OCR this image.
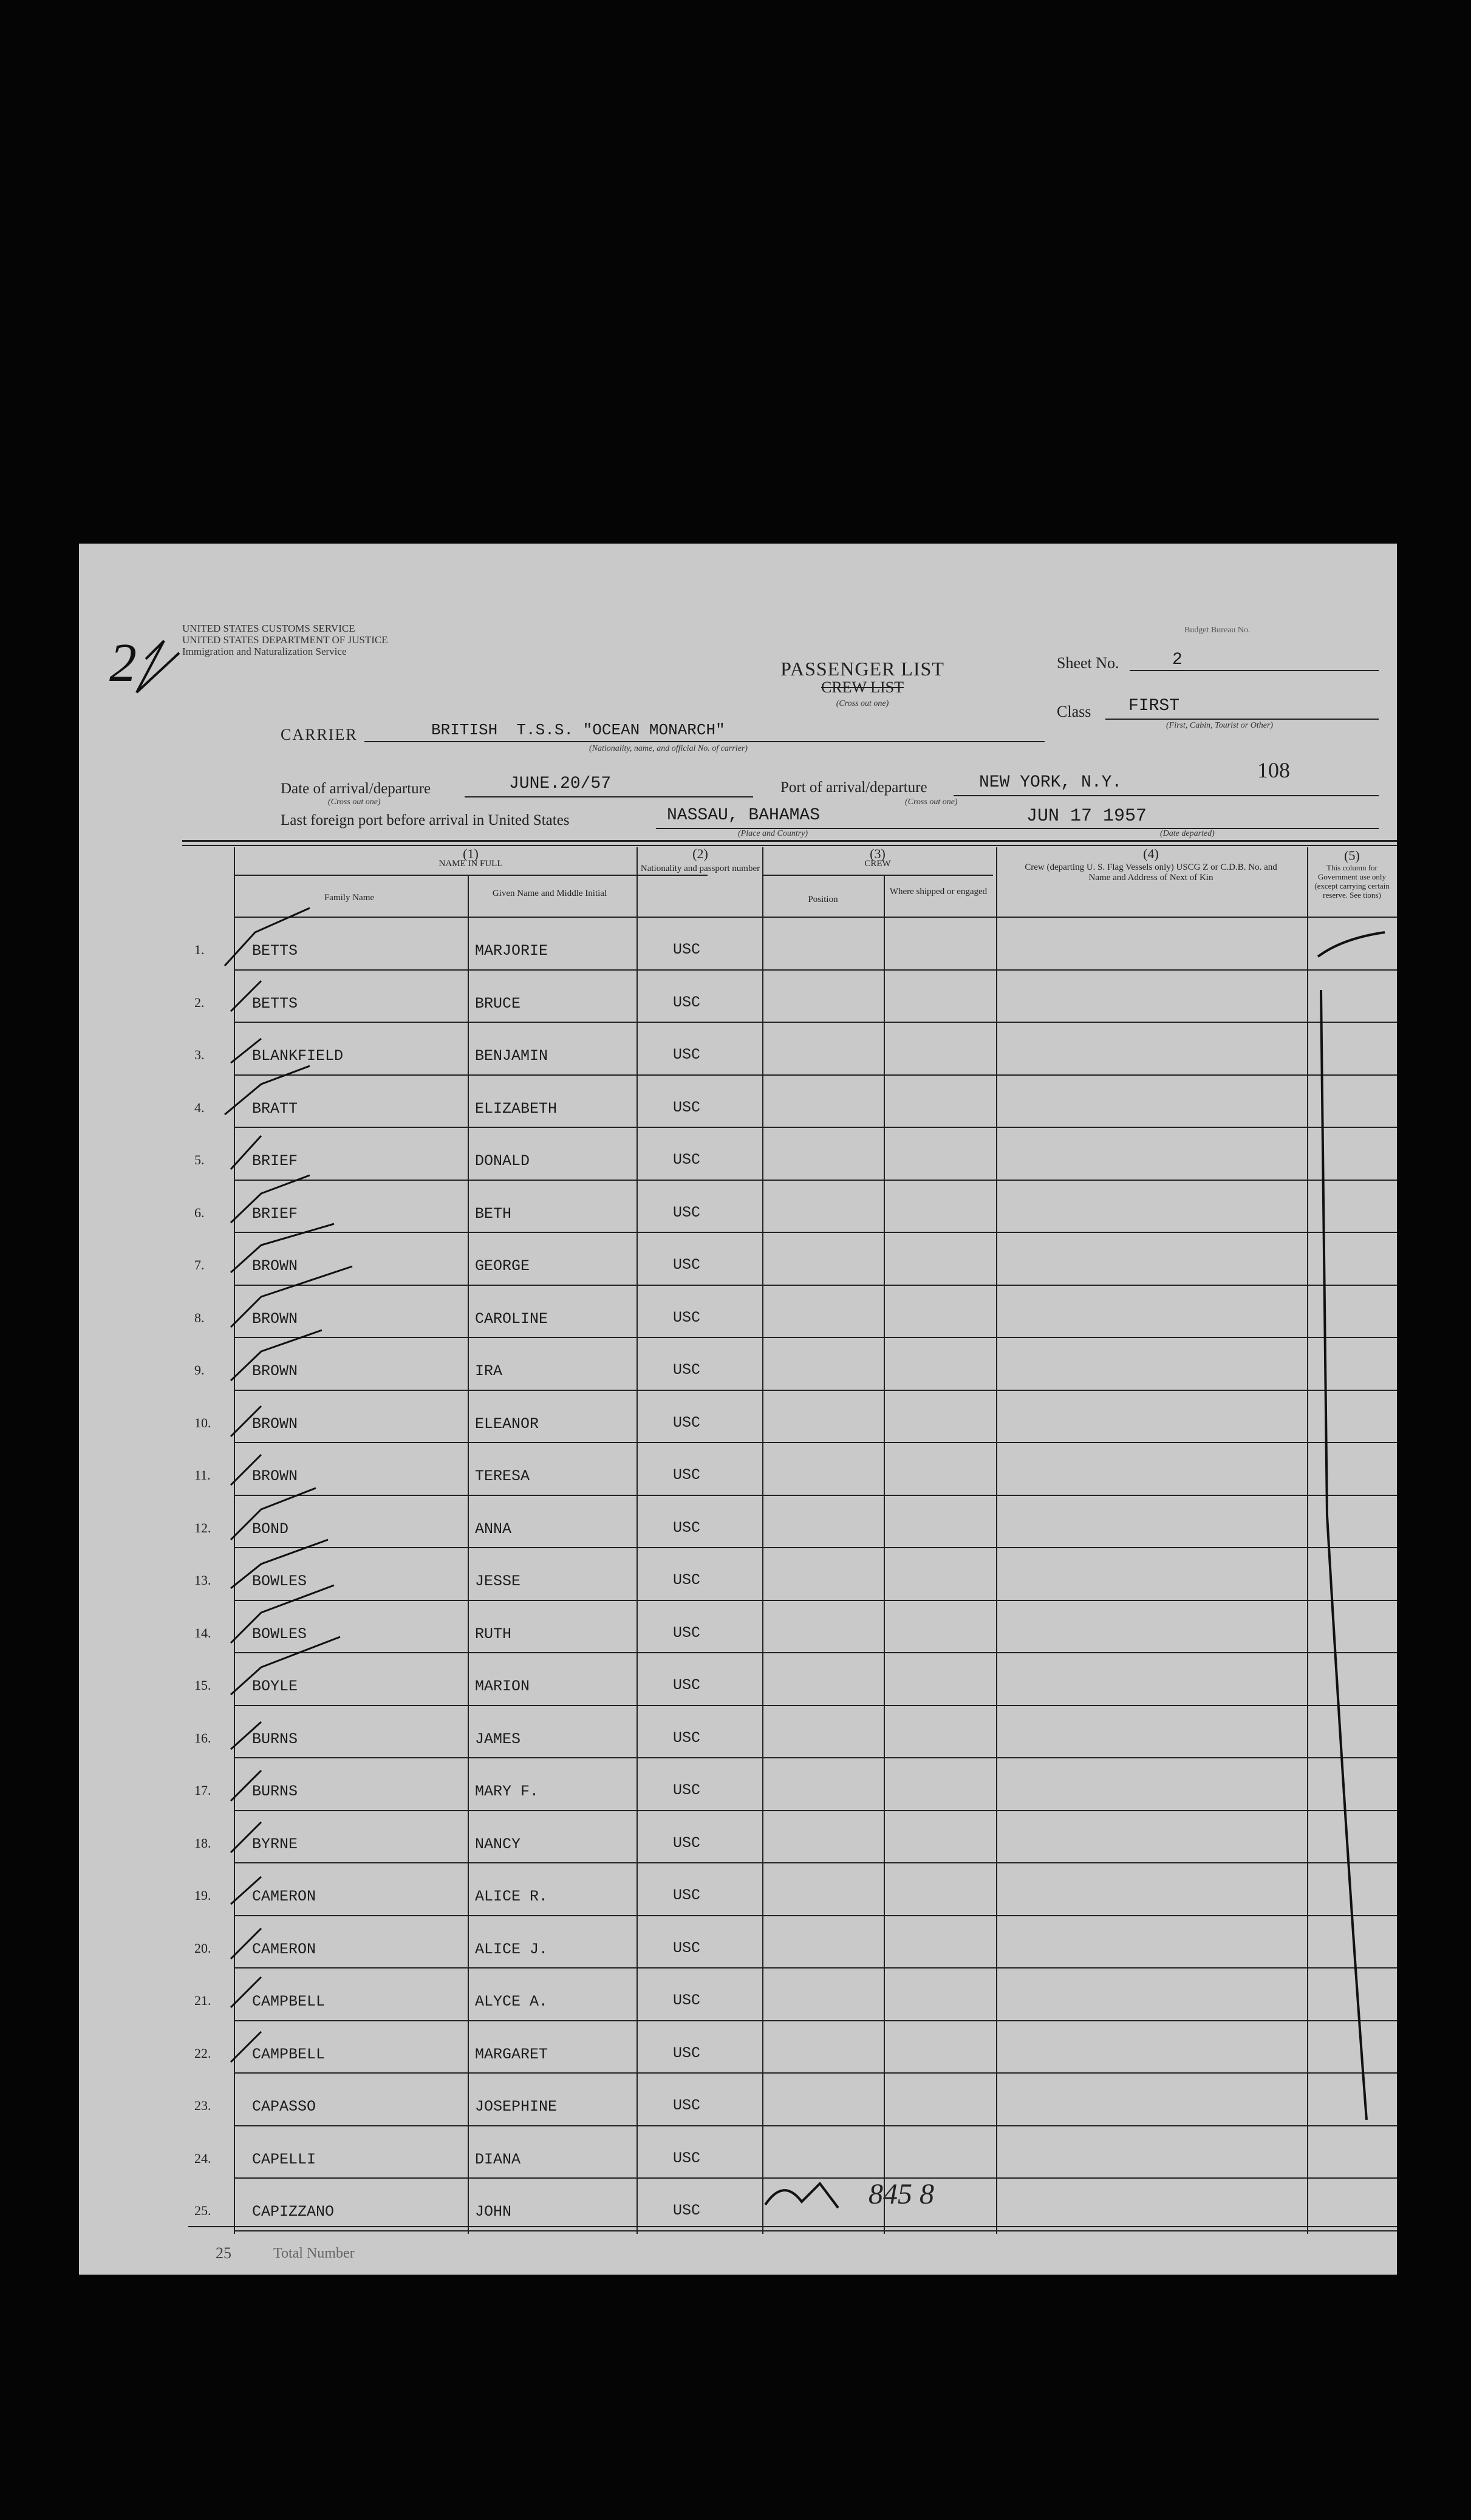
UNITED STATES CUSTOMS SERVICE
UNITED STATES DEPARTMENT OF JUSTICE
Immigration and Naturalization Service
Budget Bureau No.
PASSENGER LIST
CREW LIST
(Cross out one)
Sheet No.	2
Class FIRST
(First, Cabin, Tourist or Other)
CARRIER	BRITISH  T.S.S. "OCEAN MONARCH"
(Nationality, name, and official No. of carrier)
Date of arrival/departure	JUNE.20/57
(Cross out one)
Port of arrival/departure	NEW YORK, N.Y.
(Cross out one)
108
Last foreign port before arrival in United States	NASSAU, BAHAMAS
(Place and Country)
JUN 17 1957
(Date departed)
(1)
NAME IN FULL
Family Name	Given Name and Middle Initial
(2)
Nationality and passport number
(3)
CREW
Position
Where shipped or engaged
(4)
Crew (departing U. S. Flag Vessels only) USCG Z or C.D.B. No. and Name and Address of Next of Kin
(5)
This column for Government use only (except carrying certain reserve. See tions)
1.	BETTS	MARJORIE	USC
2.	BETTS	BRUCE	USC
3.	BLANKFIELD	BENJAMIN	USC
4.	BRATT	ELIZABETH	USC
5.	BRIEF	DONALD	USC
6.	BRIEF	BETH	USC
7.	BROWN	GEORGE	USC
8.	BROWN	CAROLINE	USC
9.	BROWN	IRA	USC
10.	BROWN	ELEANOR	USC
11.	BROWN	TERESA	USC
12.	BOND	ANNA	USC
13.	BOWLES	JESSE	USC
14.	BOWLES	RUTH	USC
15.	BOYLE	MARION	USC
16.	BURNS	JAMES	USC
17.	BURNS	MARY F.	USC
18.	BYRNE	NANCY	USC
19.	CAMERON	ALICE R.	USC
20.	CAMERON	ALICE J.	USC
21.	CAMPBELL	ALYCE A.	USC
22.	CAMPBELL	MARGARET	USC
23.	CAPASSO	JOSEPHINE	USC
24.	CAPELLI	DIANA	USC
25.	CAPIZZANO	JOHN	USC
845 8
25	Total Number
2
